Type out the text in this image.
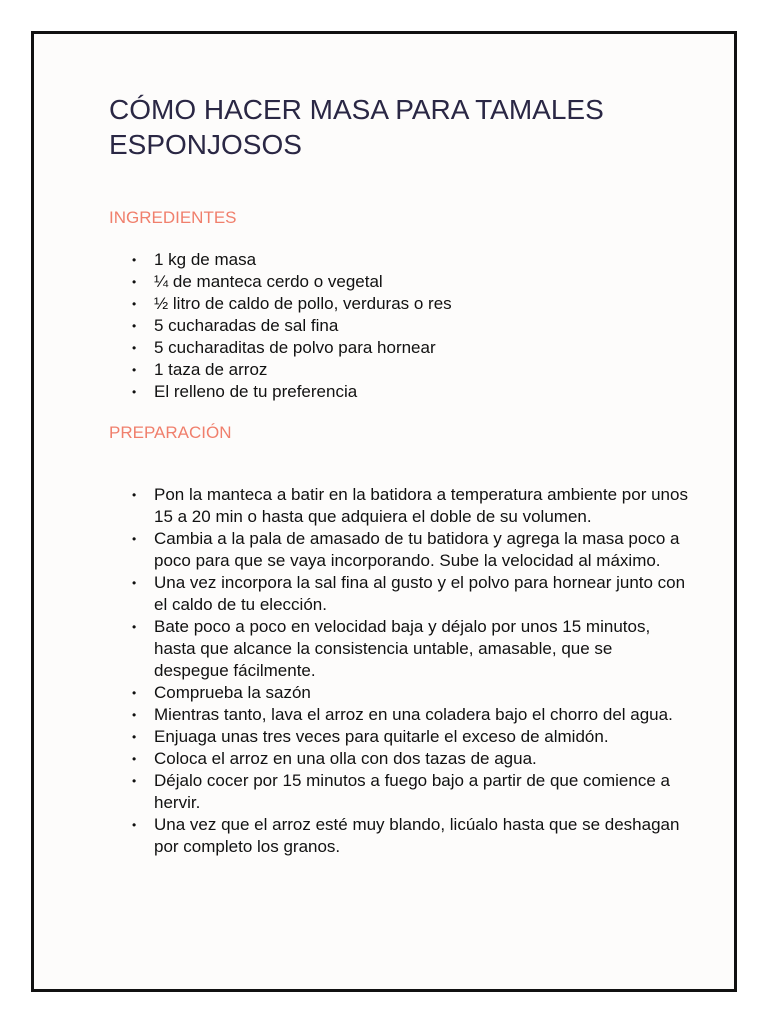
CÓMO HACER MASA PARA TAMALES ESPONJOSOS
INGREDIENTES
• 1 kg de masa
• ¼ de manteca cerdo o vegetal
• ½ litro de caldo de pollo, verduras o res
• 5 cucharadas de sal fina
• 5 cucharaditas de polvo para hornear
• 1 taza de arroz
• El relleno de tu preferencia
PREPARACIÓN
• Pon la manteca a batir en la batidora a temperatura ambiente por unos 15 a 20 min o hasta que adquiera el doble de su volumen.
• Cambia a la pala de amasado de tu batidora y agrega la masa poco a poco para que se vaya incorporando. Sube la velocidad al máximo.
• Una vez incorpora la sal fina al gusto y el polvo para hornear junto con el caldo de tu elección.
• Bate poco a poco en velocidad baja y déjalo por unos 15 minutos, hasta que alcance la consistencia untable, amasable, que se despegue fácilmente.
• Comprueba la sazón
• Mientras tanto, lava el arroz en una coladera bajo el chorro del agua.
• Enjuaga unas tres veces para quitarle el exceso de almidón.
• Coloca el arroz en una olla con dos tazas de agua.
• Déjalo cocer por 15 minutos a fuego bajo a partir de que comience a hervir.
• Una vez que el arroz esté muy blando, licúalo hasta que se deshagan por completo los granos.
